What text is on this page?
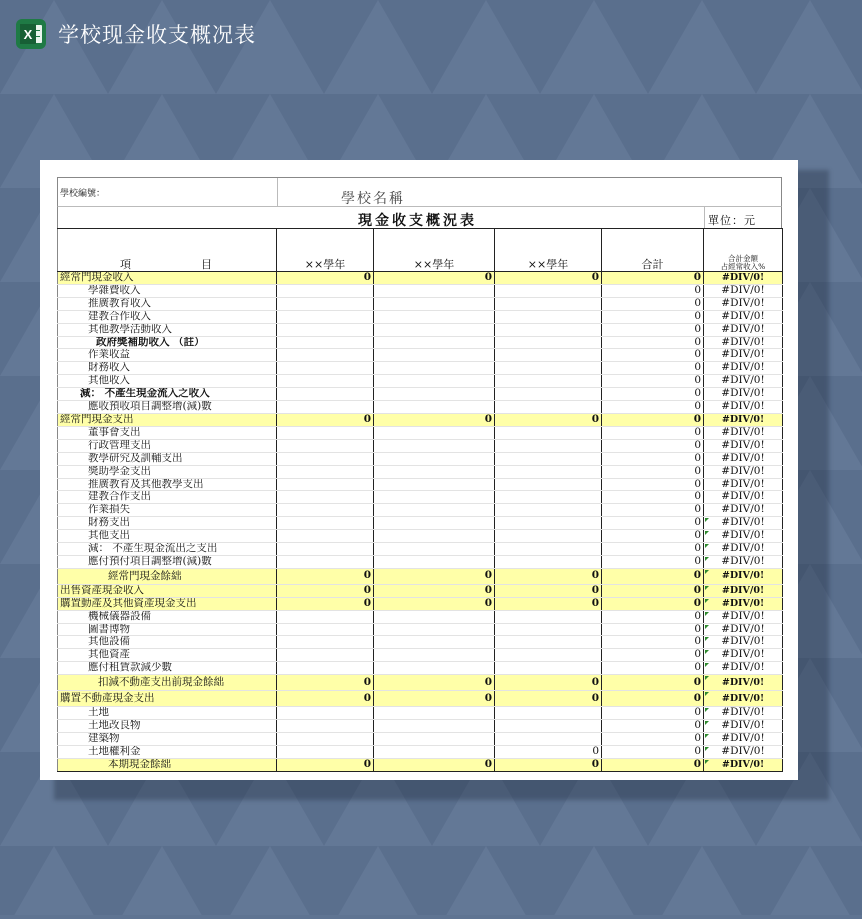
X 学校现金收支概况表
學校編號：	學校名稱
現金收支概況表	單位：元
項 目	××學年	××學年	××學年	合計	合計金額
占經常收入%

經常門現金收入	0	0	0	0	#DIV/0!
學雜費收入				0	#DIV/0!
推廣教育收入				0	#DIV/0!
建教合作收入				0	#DIV/0!
其他教學活動收入				0	#DIV/0!
政府獎補助收入 （註）				0	#DIV/0!
作業收益				0	#DIV/0!
財務收入				0	#DIV/0!
其他收入				0	#DIV/0!
減： 不產生現金流入之收入				0	#DIV/0!
應收預收項目調整增(減)數				0	#DIV/0!
經常門現金支出	0	0	0	0	#DIV/0!
董事會支出				0	#DIV/0!
行政管理支出				0	#DIV/0!
教學研究及訓輔支出				0	#DIV/0!
獎助學金支出				0	#DIV/0!
推廣教育及其他教學支出				0	#DIV/0!
建教合作支出				0	#DIV/0!
作業損失				0	#DIV/0!
財務支出				0	#DIV/0!
其他支出				0	#DIV/0!
減： 不產生現金流出之支出				0	#DIV/0!
應付預付項目調整增(減)數				0	#DIV/0!
經常門現金餘絀	0	0	0	0	#DIV/0!
出售資產現金收入	0	0	0	0	#DIV/0!
購置動產及其他資產現金支出	0	0	0	0	#DIV/0!
機械儀器設備				0	#DIV/0!
圖書博物				0	#DIV/0!
其他設備				0	#DIV/0!
其他資產				0	#DIV/0!
應付租賃款減少數				0	#DIV/0!
扣減不動產支出前現金餘絀	0	0	0	0	#DIV/0!
購置不動產現金支出	0	0	0	0	#DIV/0!
土地				0	#DIV/0!
土地改良物				0	#DIV/0!
建築物				0	#DIV/0!
土地權利金			0	0	#DIV/0!
本期現金餘絀	0	0	0	0	#DIV/0!
